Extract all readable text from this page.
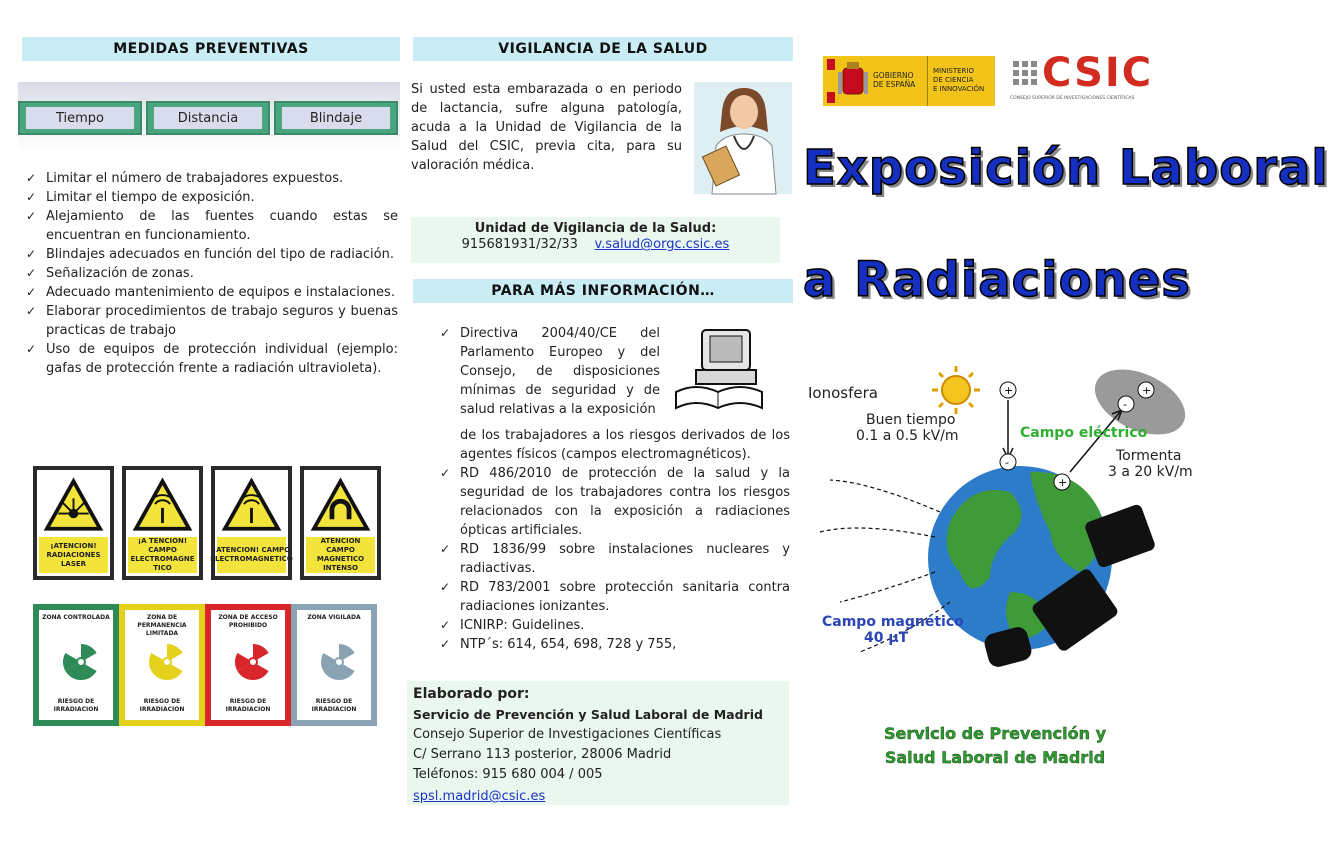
MEDIDAS PREVENTIVAS
Tiempo	Distancia	Blindaje
✓ Limitar el número de trabajadores expuestos.
✓ Limitar el tiempo de exposición.
✓ Alejamiento de las fuentes cuando estas se encuentran en funcionamiento.
✓ Blindajes adecuados en función del tipo de radiación.
✓ Señalización de zonas.
✓ Adecuado mantenimiento de equipos e instalaciones.
✓ Elaborar procedimientos de trabajo seguros y buenas practicas de trabajo
✓ Uso de equipos de protección individual (ejemplo: gafas de protección frente a radiación ultravioleta).
¡ATENCION! RADIACIONES LASER
¡A TENCION! CAMPO ELECTROMAGNE TICO
¡ATENCION! CAMPO ELECTROMAGNETICO
ATENCION CAMPO MAGNETICO INTENSO
ZONA CONTROLADA
RIESGO DE IRRADIACION
ZONA DE PERMANENCIA LIMITADA
RIESGO DE IRRADIACION
ZONA DE ACCESO PROHIBIDO
RIESGO DE IRRADIACION
ZONA VIGILADA
RIESGO DE IRRADIACION
VIGILANCIA DE LA SALUD
Si usted esta embarazada o en periodo de lactancia, sufre alguna patología, acuda a la Unidad de Vigilancia de la Salud del CSIC, previa cita, para su valoración médica.
Unidad de Vigilancia de la Salud:
915681931/32/33 v.salud@orgc.csic.es
PARA MÁS INFORMACIÓN…
✓ Directiva 2004/40/CE del Parlamento Europeo y del Consejo, de disposiciones mínimas de seguridad y de salud relativas a la exposición
de los trabajadores a los riesgos derivados de los agentes físicos (campos electromagnéticos).
✓ RD 486/2010 de protección de la salud y la seguridad de los trabajadores contra los riesgos relacionados con la exposición a radiaciones ópticas artificiales.
✓ RD 1836/99 sobre instalaciones nucleares y radiactivas.
✓ RD 783/2001 sobre protección sanitaria contra radiaciones ionizantes.
✓ ICNIRP: Guidelines.
✓ NTP´s: 614, 654, 698, 728 y 755,
Elaborado por:
Servicio de Prevención y Salud Laboral de Madrid
Consejo Superior de Investigaciones Científicas
C/ Serrano 113 posterior, 28006 Madrid
Teléfonos: 915 680 004 / 005
spsl.madrid@csic.es
GOBIERNO
DE ESPAÑA
MINISTERIO
DE CIENCIA
E INNOVACIÓN CSIC
CONSEJO SUPERIOR DE INVESTIGACIONES CIENTÍFICAS
Exposición Laboral
a Radiaciones
+
-
+
+
-
Ionosfera
Buen tiempo
0.1 a 0.5 kV/m	Campo eléctrico
Tormenta
3 a 20 kV/m
Campo magnético
40 µT
Servicio de Prevención y
Salud Laboral de Madrid
